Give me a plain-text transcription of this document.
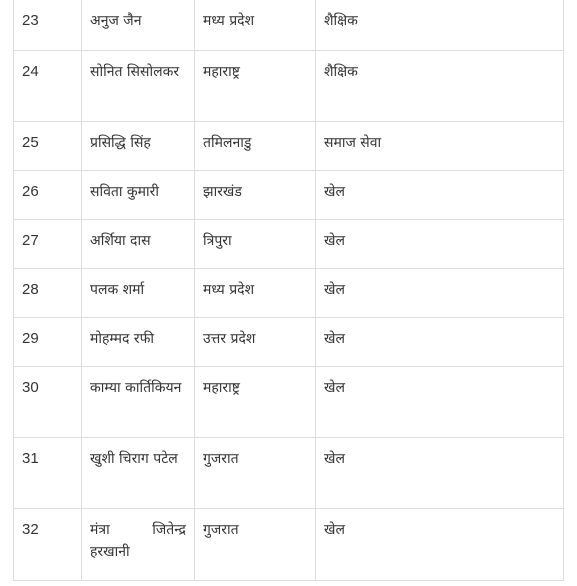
23	अनुज जैन	मध्य प्रदेश	शैक्षिक
24	सोनित सिसोलकर	महाराष्ट्र	शैक्षिक
25	प्रसिद्धि सिंह	तमिलनाडु	समाज सेवा
26	सविता कुमारी	झारखंड	खेल
27	अर्शिया दास	त्रिपुरा	खेल
28	पलक शर्मा	मध्य प्रदेश	खेल
29	मोहम्मद रफी	उत्तर प्रदेश	खेल
30	काम्या कार्तिकियन	महाराष्ट्र	खेल
31	खुशी चिराग पटेल	गुजरात	खेल
32	मंत्रा जितेन्द्र हरखानी	गुजरात	खेल
